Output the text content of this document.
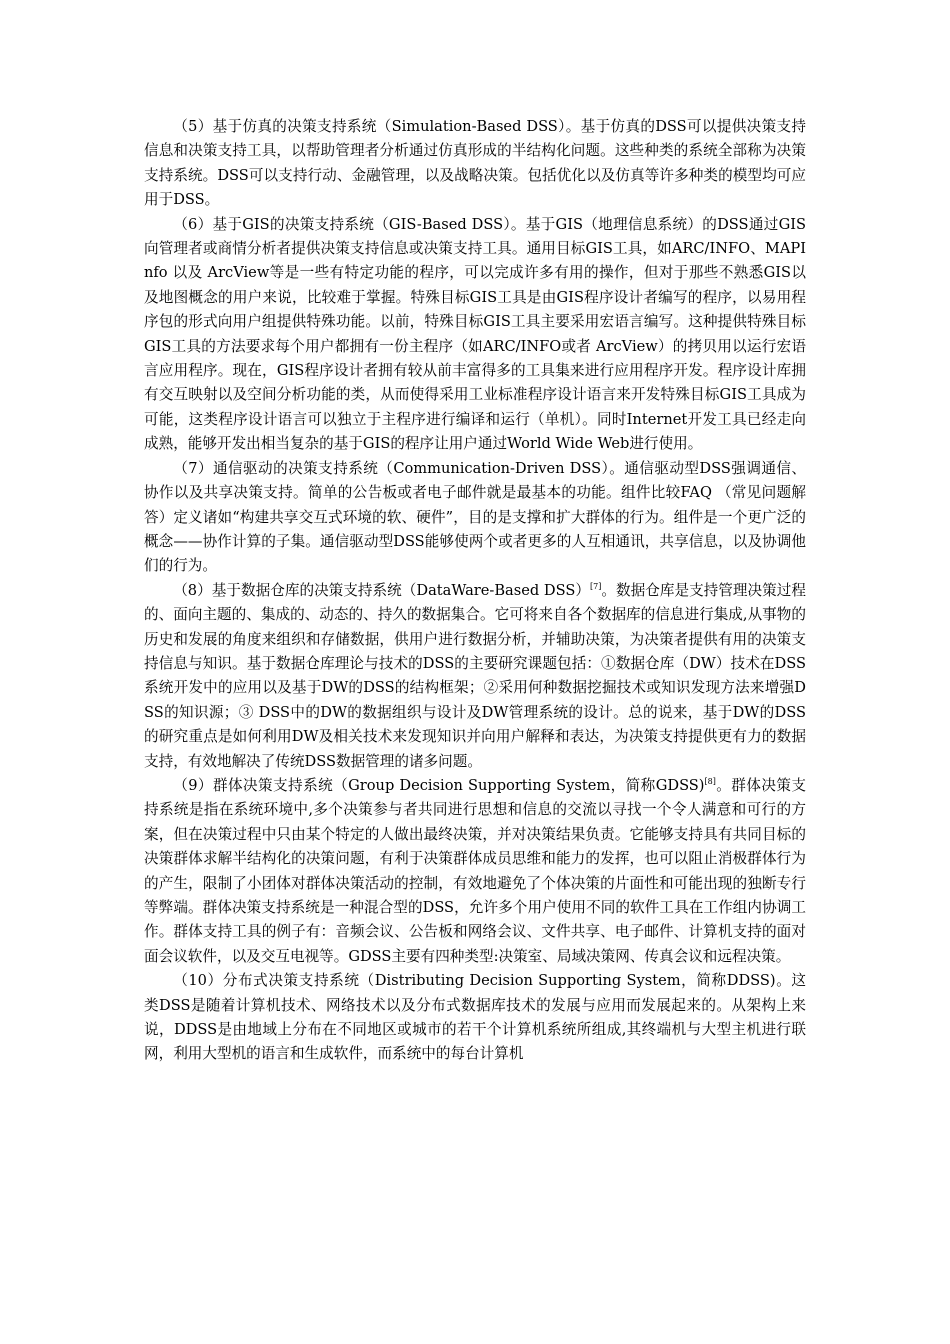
（5）基于仿真的决策支持系统（Simulation-Based DSS）。基于仿真的DSS可以提供决策支持信息和决策支持工具，以帮助管理者分析通过仿真形成的半结构化问题。这些种类的系统全部称为决策支持系统。DSS可以支持行动、金融管理，以及战略决策。包括优化以及仿真等许多种类的模型均可应用于DSS。

（6）基于GIS的决策支持系统（GIS-Based DSS）。基于GIS（地理信息系统）的DSS通过GIS向管理者或商情分析者提供决策支持信息或决策支持工具。通用目标GIS工具，如ARC/INFO、MAPInfo 以及 ArcView等是一些有特定功能的程序，可以完成许多有用的操作，但对于那些不熟悉GIS以及地图概念的用户来说，比较难于掌握。特殊目标GIS工具是由GIS程序设计者编写的程序，以易用程序包的形式向用户组提供特殊功能。以前，特殊目标GIS工具主要采用宏语言编写。这种提供特殊目标GIS工具的方法要求每个用户都拥有一份主程序（如ARC/INFO或者 ArcView）的拷贝用以运行宏语言应用程序。现在，GIS程序设计者拥有较从前丰富得多的工具集来进行应用程序开发。程序设计库拥有交互映射以及空间分析功能的类，从而使得采用工业标准程序设计语言来开发特殊目标GIS工具成为可能，这类程序设计语言可以独立于主程序进行编译和运行（单机）。同时Internet开发工具已经走向成熟，能够开发出相当复杂的基于GIS的程序让用户通过World Wide Web进行使用。

（7）通信驱动的决策支持系统（Communication-Driven DSS）。通信驱动型DSS强调通信、协作以及共享决策支持。简单的公告板或者电子邮件就是最基本的功能。组件比较FAQ （常见问题解答）定义诸如“构建共享交互式环境的软、硬件”，目的是支撑和扩大群体的行为。组件是一个更广泛的概念——协作计算的子集。通信驱动型DSS能够使两个或者更多的人互相通讯，共享信息，以及协调他们的行为。

（8）基于数据仓库的决策支持系统（DataWare-Based DSS）[7]。数据仓库是支持管理决策过程的、面向主题的、集成的、动态的、持久的数据集合。它可将来自各个数据库的信息进行集成,从事物的历史和发展的角度来组织和存储数据，供用户进行数据分析，并辅助决策，为决策者提供有用的决策支持信息与知识。基于数据仓库理论与技术的DSS的主要研究课题包括：①数据仓库（DW）技术在DSS系统开发中的应用以及基于DW的DSS的结构框架；②采用何种数据挖掘技术或知识发现方法来增强DSS的知识源；③ DSS中的DW的数据组织与设计及DW管理系统的设计。总的说来，基于DW的DSS的研究重点是如何利用DW及相关技术来发现知识并向用户解释和表达，为决策支持提供更有力的数据支持，有效地解决了传统DSS数据管理的诸多问题。

（9）群体决策支持系统（Group Decision Supporting System，简称GDSS)[8]。群体决策支持系统是指在系统环境中,多个决策参与者共同进行思想和信息的交流以寻找一个令人满意和可行的方案，但在决策过程中只由某个特定的人做出最终决策，并对决策结果负责。它能够支持具有共同目标的决策群体求解半结构化的决策问题，有利于决策群体成员思维和能力的发挥，也可以阻止消极群体行为的产生，限制了小团体对群体决策活动的控制，有效地避免了个体决策的片面性和可能出现的独断专行等弊端。群体决策支持系统是一种混合型的DSS，允许多个用户使用不同的软件工具在工作组内协调工作。群体支持工具的例子有：音频会议、公告板和网络会议、文件共享、电子邮件、计算机支持的面对面会议软件，以及交互电视等。GDSS主要有四种类型:决策室、局域决策网、传真会议和远程决策。

（10）分布式决策支持系统（Distributing Decision Supporting System，简称DDSS)。这类DSS是随着计算机技术、网络技术以及分布式数据库技术的发展与应用而发展起来的。从架构上来说，DDSS是由地域上分布在不同地区或城市的若干个计算机系统所组成,其终端机与大型主机进行联网，利用大型机的语言和生成软件，而系统中的每台计算机
